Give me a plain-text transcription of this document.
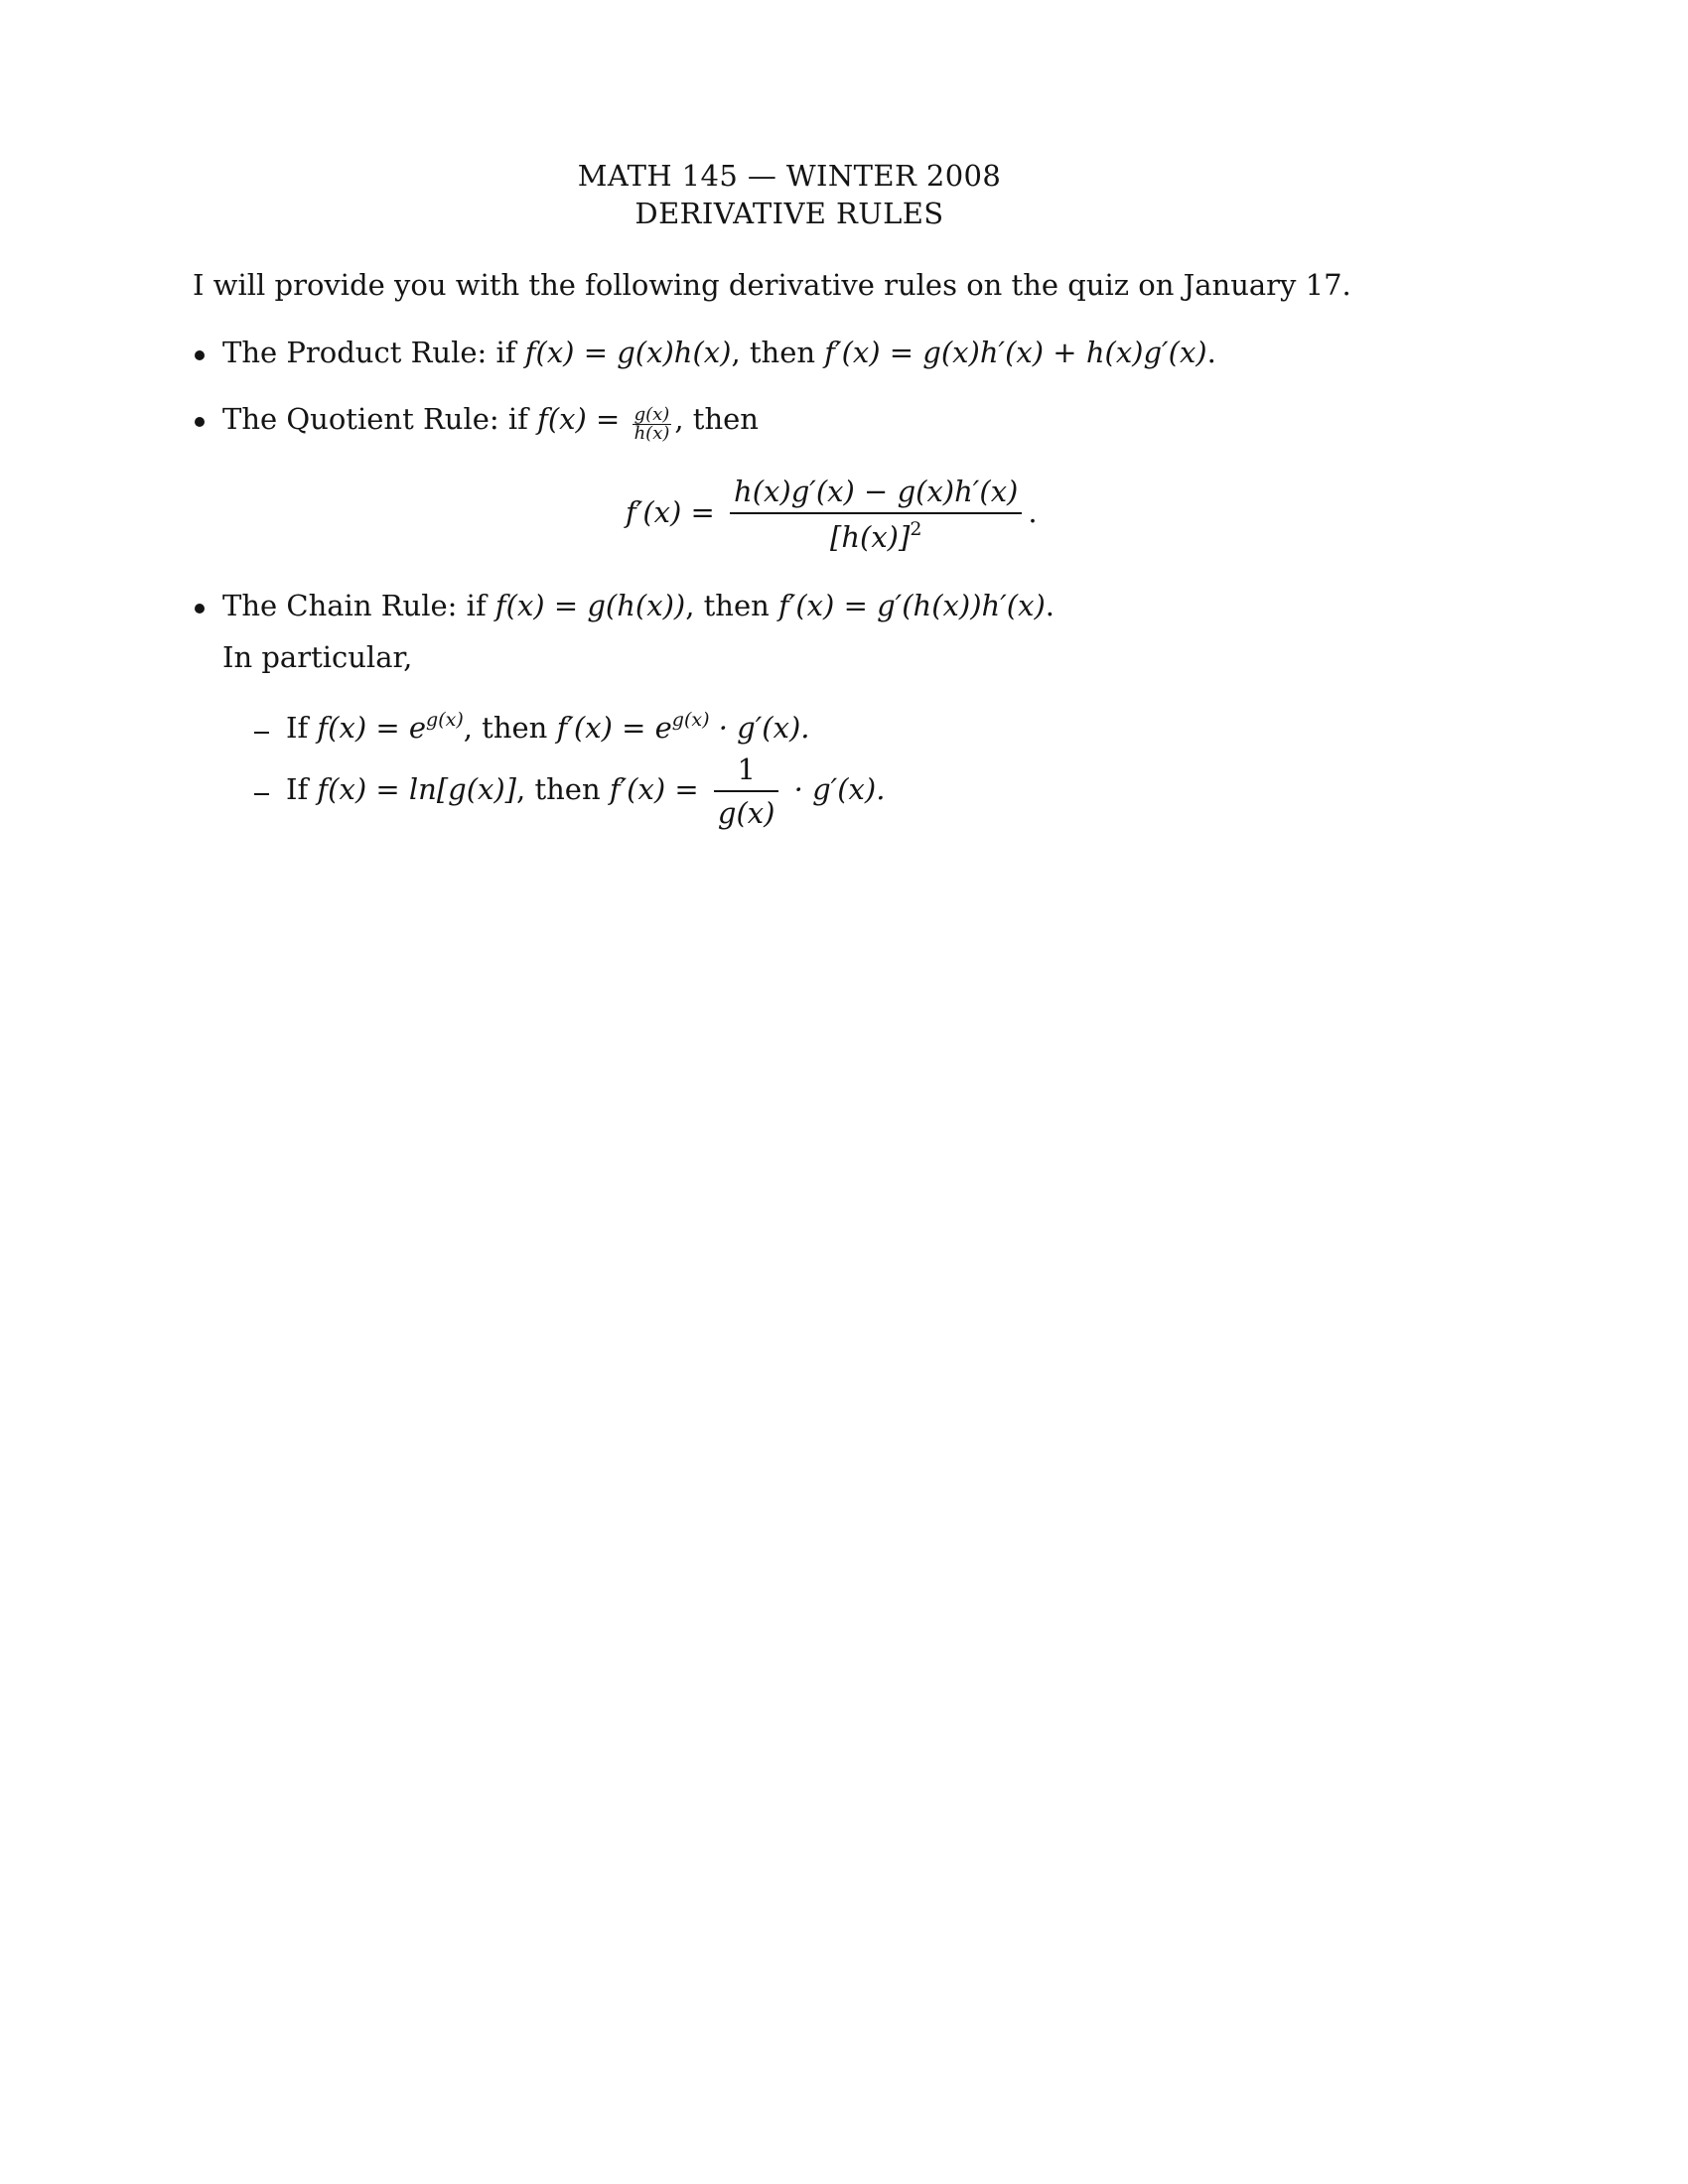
MATH 145 — WINTER 2008
DERIVATIVE RULES
I will provide you with the following derivative rules on the quiz on January 17.
The Product Rule: if f(x) = g(x)h(x), then f′(x) = g(x)h′(x) + h(x)g′(x).
The Quotient Rule: if $f(x) = \frac{g(x)}{h(x)}$ , then
$f'(x) = \frac{h(x)g'(x) - g(x)h'(x)}{[h(x)]^2}$ .
The Chain Rule: if f(x) = g(h(x)), then f′(x) = g′(h(x))h′(x).
In particular,
If $f(x) = e^{g(x)}$, then $f'(x) = e^{g(x)} \cdot g'(x)$.
If f(x) = ln[g(x)], then $f'(x) = \frac{1}{g(x)} \cdot g'(x)$.
